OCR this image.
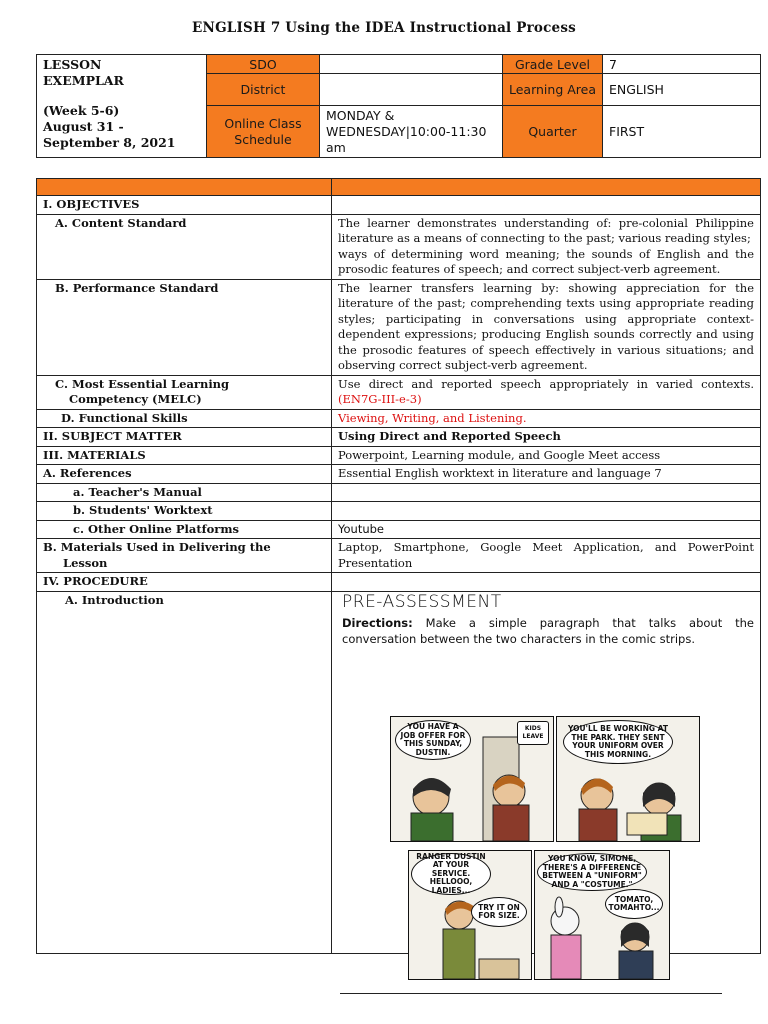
ENGLISH 7 Using the IDEA Instructional Process
LESSON
EXEMPLAR
(Week 5-6)
August 31 -
September 8, 2021	SDO		Grade Level	7
	District		Learning Area	ENGLISH
	Online Class Schedule	MONDAY & WEDNESDAY|10:00-11:30 am	Quarter	FIRST

I. OBJECTIVES	
A. Content Standard	The learner demonstrates understanding of: pre-colonial Philippine literature as a means of connecting to the past; various reading styles;
ways of determining word meaning; the sounds of English and the prosodic features of speech; and correct subject-verb agreement.

B. Performance Standard	The learner transfers learning by: showing appreciation for the literature of the past; comprehending texts using appropriate reading styles; participating in conversations using appropriate context-dependent expressions; producing English sounds correctly and using the prosodic features of speech effectively in various situations; and observing correct subject-verb agreement.

C. Most Essential Learning
Competency (MELC)	Use direct and reported speech appropriately in varied contexts. (EN7G-III-e-3)
D. Functional Skills	Viewing, Writing, and Listening.
II. SUBJECT MATTER	Using Direct and Reported Speech
III. MATERIALS	Powerpoint, Learning module, and Google Meet access
A. References	Essential English worktext in literature and language 7
a. Teacher's Manual	
b. Students' Worktext	
c. Other Online Platforms	Youtube

B. Materials Used in Delivering the
Lesson	Laptop, Smartphone, Google Meet Application, and PowerPoint Presentation
IV. PROCEDURE	
A. Introduction	PRE-ASSESSMENT
Directions: Make a simple paragraph that talks about the conversation between the two characters in the comic strips.
YOU HAVE A JOB OFFER FOR THIS SUNDAY, DUSTIN.
KIDS LEAVE
YOU'LL BE WORKING AT THE PARK. THEY SENT YOUR UNIFORM OVER THIS MORNING.
RANGER DUSTIN AT YOUR SERVICE. HELLOOO, LADIES...
TRY IT ON FOR SIZE.
YOU KNOW, SIMONE, THERE'S A DIFFERENCE BETWEEN A "UNIFORM" AND A "COSTUME."
TOMATO, TOMAHTO...
